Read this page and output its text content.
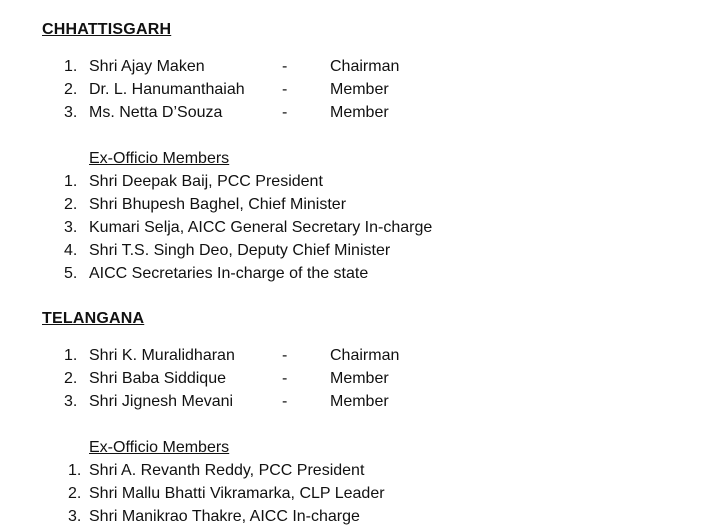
CHHATTISGARH
1. Shri Ajay Maken	-	Chairman
2. Dr. L. Hanumanthaiah -	Member
3. Ms. Netta D’Souza	-	Member
Ex-Officio Members
1. Shri Deepak Baij, PCC President
2. Shri Bhupesh Baghel, Chief Minister
3. Kumari Selja, AICC General Secretary In-charge
4. Shri T.S. Singh Deo, Deputy Chief Minister
5. AICC Secretaries In-charge of the state
TELANGANA
1. Shri K. Muralidharan	-	Chairman
2. Shri Baba Siddique	-	Member
3. Shri Jignesh Mevani	-	Member
Ex-Officio Members
1. Shri A. Revanth Reddy, PCC President
2. Shri Mallu Bhatti Vikramarka, CLP Leader
3. Shri Manikrao Thakre, AICC In-charge
